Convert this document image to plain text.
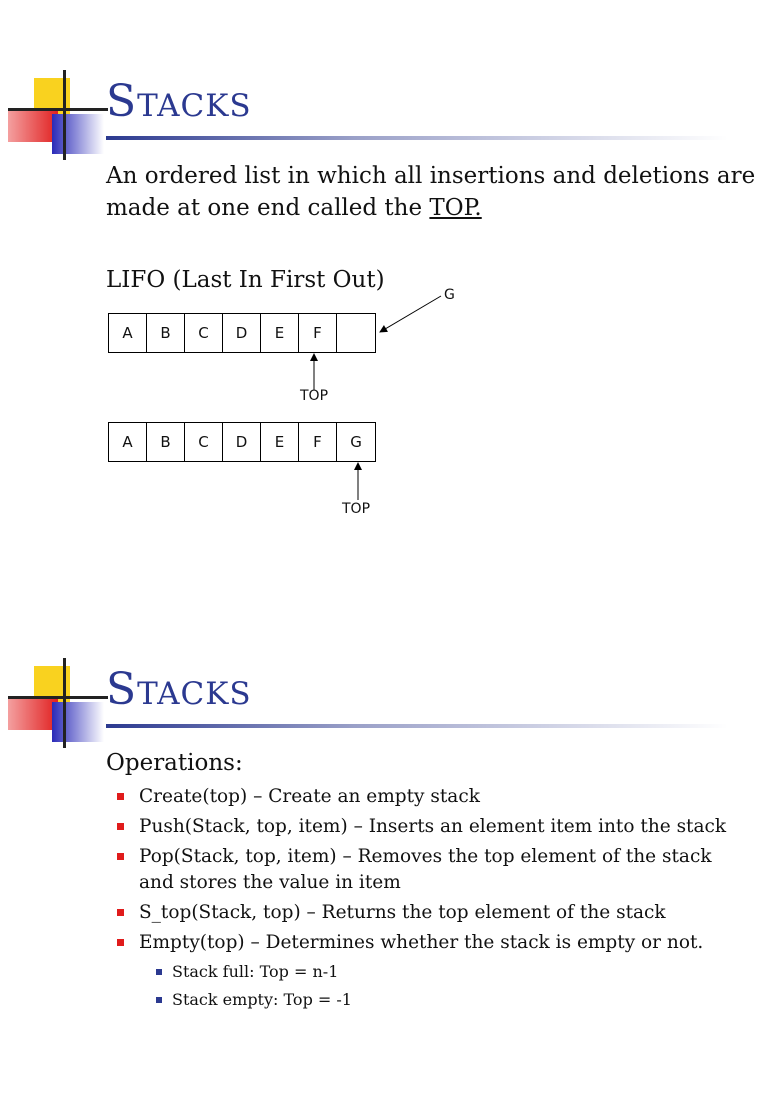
Stacks
An ordered list in which all insertions and deletions are
made at one end called the TOP.
LIFO (Last In First Out)
G
A	B	C	D	E	F
TOP
A	B	C	D	E	F	G
TOP
Stacks
Operations:
Create(top) – Create an empty stack
Push(Stack, top, item) – Inserts an element item into the stack
Pop(Stack, top, item) – Removes the top element of the stack and stores the value in item
S_top(Stack, top) – Returns the top element of the stack
Empty(top) – Determines whether the stack is empty or not.
Stack full: Top = n-1
Stack empty: Top = -1
